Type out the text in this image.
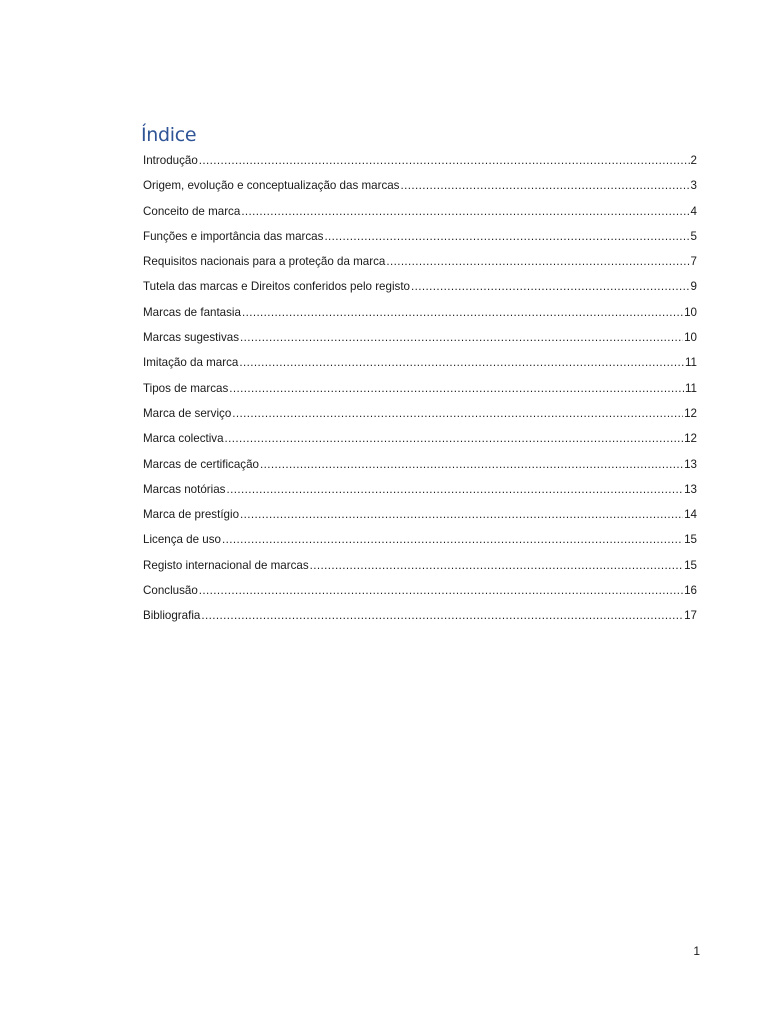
Índice
Introdução .....	2
Origem, evolução e conceptualização das marcas .....	3
Conceito de marca .....	4
Funções e importância das marcas .....	5
Requisitos nacionais para a proteção da marca .....	7
Tutela das marcas e Direitos conferidos pelo registo .....	9
Marcas de fantasia .....	10
Marcas sugestivas .....	10
Imitação da marca .....	11
Tipos de marcas .....	11
Marca de serviço .....	12
Marca colectiva .....	12
Marcas de certificação .....	13
Marcas notórias .....	13
Marca de prestígio .....	14
Licença de uso .....	15
Registo internacional de marcas .....	15
Conclusão .....	16
Bibliografia .....	17
1
